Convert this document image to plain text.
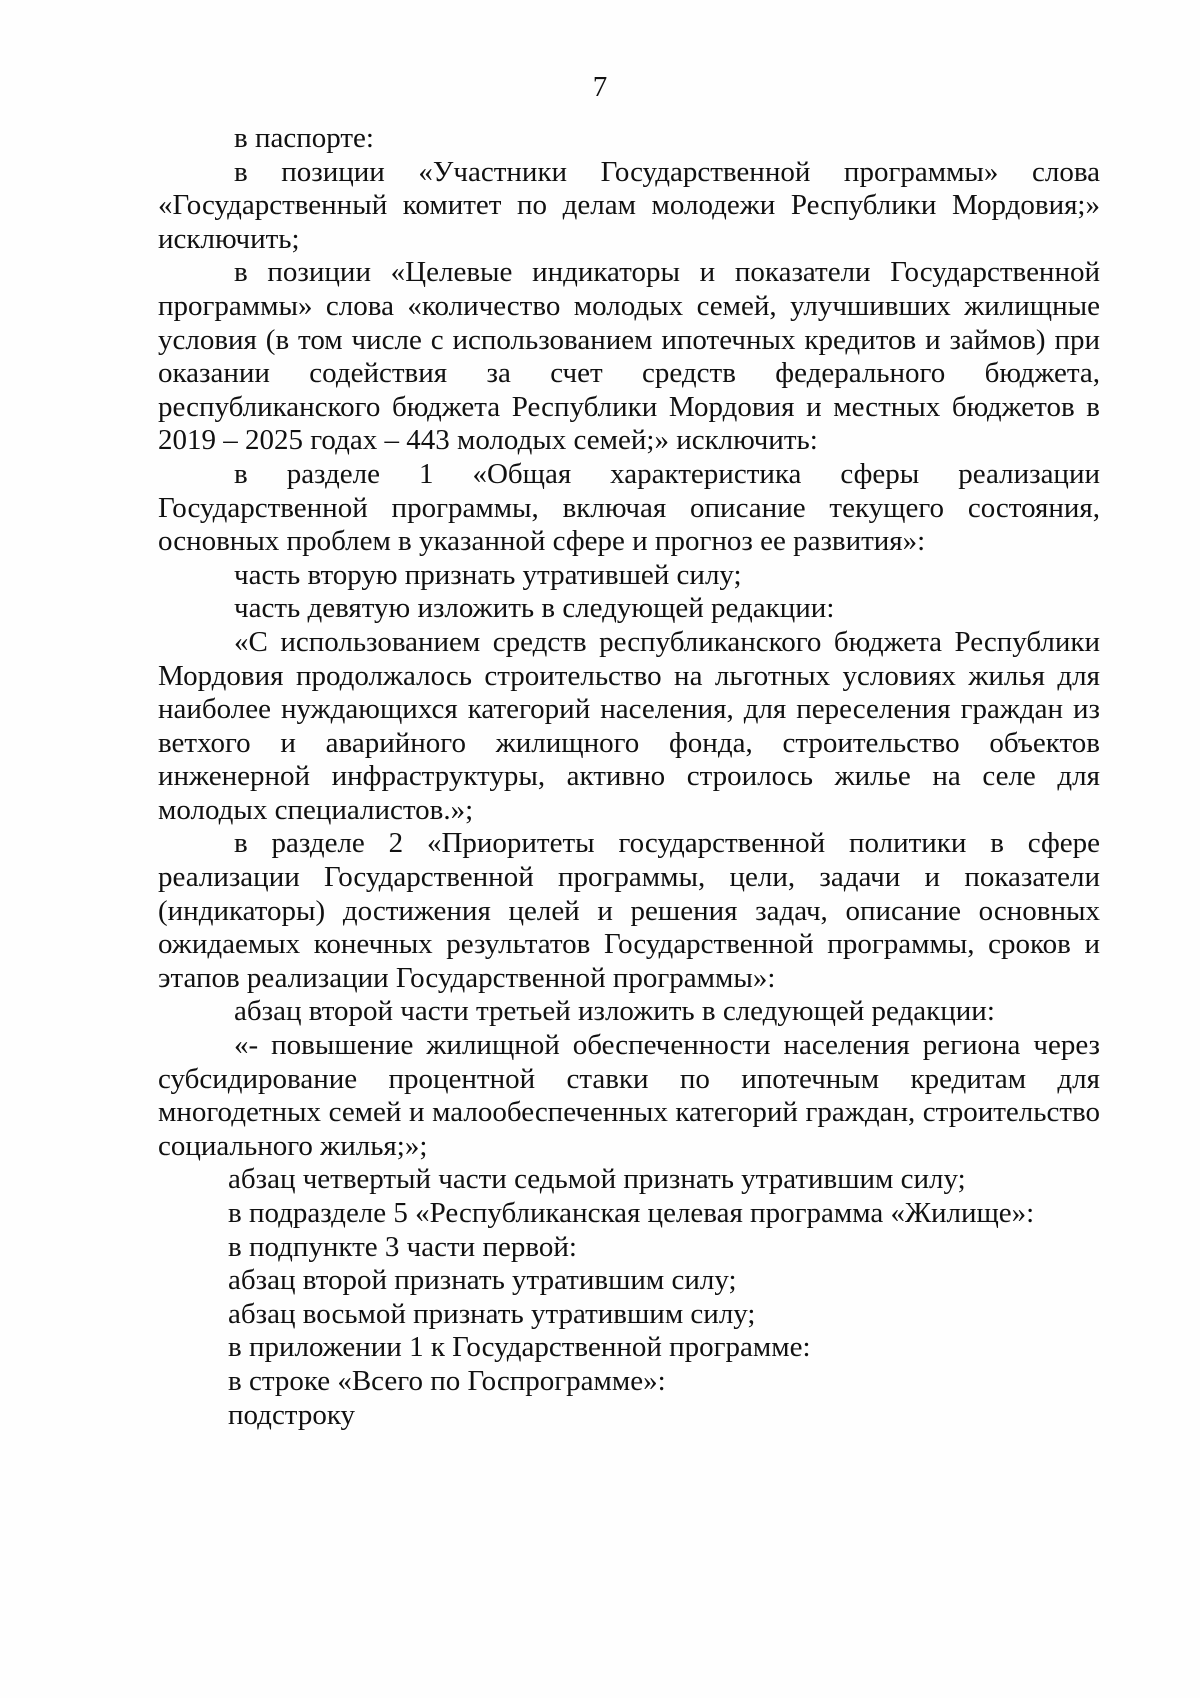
7

в паспорте:

в позиции «Участники Государственной программы» слова «Государственный комитет по делам молодежи Республики Мордовия;» исключить;

в позиции «Целевые индикаторы и показатели Государственной программы» слова «количество молодых семей, улучшивших жилищные условия (в том числе с использованием ипотечных кредитов и займов) при оказании содействия за счет средств федерального бюджета, республиканского бюджета Республики Мордовия и местных бюджетов в 2019 – 2025 годах – 443 молодых семей;» исключить:

в разделе 1 «Общая характеристика сферы реализации Государственной программы, включая описание текущего состояния, основных проблем в указанной сфере и прогноз ее развития»:

часть вторую признать утратившей силу;

часть девятую изложить в следующей редакции:

«С использованием средств республиканского бюджета Республики Мордовия продолжалось строительство на льготных условиях жилья для наиболее нуждающихся категорий населения, для переселения граждан из ветхого и аварийного жилищного фонда, строительство объектов инженерной инфраструктуры, активно строилось жилье на селе для молодых специалистов.»;

в разделе 2 «Приоритеты государственной политики в сфере реализации Государственной программы, цели, задачи и показатели (индикаторы) достижения целей и решения задач, описание основных ожидаемых конечных результатов Государственной программы, сроков и этапов реализации Государственной программы»:

абзац второй части третьей изложить в следующей редакции:

«- повышение жилищной обеспеченности населения региона через субсидирование процентной ставки по ипотечным кредитам для многодетных семей и малообеспеченных категорий граждан, строительство социального жилья;»;

абзац четвертый части седьмой признать утратившим силу;

в подразделе 5 «Республиканская целевая программа «Жилище»:

в подпункте 3 части первой:

абзац второй признать утратившим силу;

абзац восьмой признать утратившим силу;

в приложении 1 к Государственной программе:

в строке «Всего по Госпрограмме»:

подстроку
